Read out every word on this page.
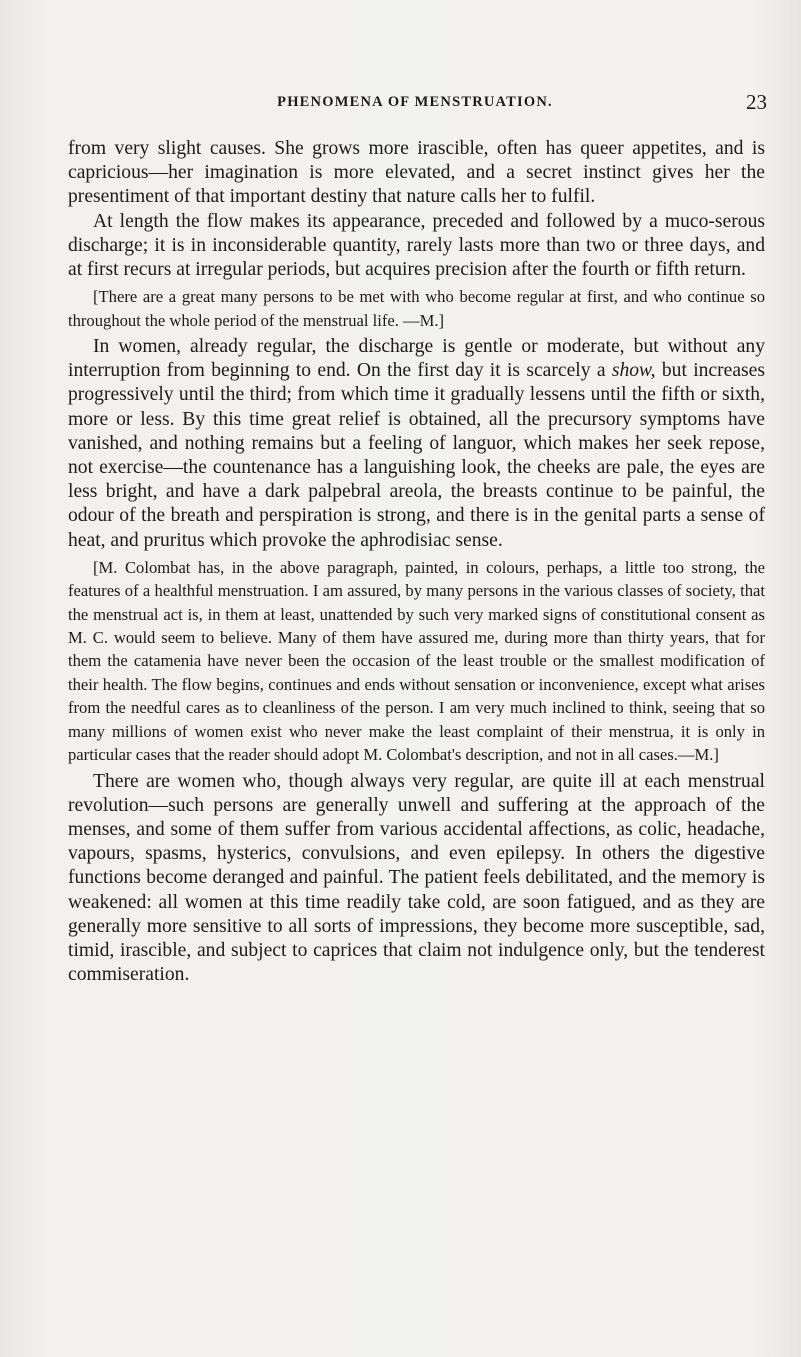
PHENOMENA OF MENSTRUATION.	23

from very slight causes. She grows more irascible, often has queer appetites, and is capricious—her imagination is more elevated, and a secret instinct gives her the presentiment of that important destiny that nature calls her to fulfil.

At length the flow makes its appearance, preceded and followed by a muco-serous discharge; it is in inconsiderable quantity, rarely lasts more than two or three days, and at first recurs at irregular periods, but acquires precision after the fourth or fifth return.

[There are a great many persons to be met with who become regular at first, and who continue so throughout the whole period of the menstrual life. —M.]

In women, already regular, the discharge is gentle or moderate, but without any interruption from beginning to end. On the first day it is scarcely a show, but increases progressively until the third; from which time it gradually lessens until the fifth or sixth, more or less. By this time great relief is obtained, all the precursory symptoms have vanished, and nothing remains but a feeling of languor, which makes her seek repose, not exercise—the countenance has a languishing look, the cheeks are pale, the eyes are less bright, and have a dark palpebral areola, the breasts continue to be painful, the odour of the breath and perspiration is strong, and there is in the genital parts a sense of heat, and pruritus which provoke the aphrodisiac sense.

[M. Colombat has, in the above paragraph, painted, in colours, perhaps, a little too strong, the features of a healthful menstruation. I am assured, by many persons in the various classes of society, that the menstrual act is, in them at least, unattended by such very marked signs of constitutional consent as M. C. would seem to believe. Many of them have assured me, during more than thirty years, that for them the catamenia have never been the occasion of the least trouble or the smallest modification of their health. The flow begins, continues and ends without sensation or inconvenience, except what arises from the needful cares as to cleanliness of the person. I am very much inclined to think, seeing that so many millions of women exist who never make the least complaint of their menstrua, it is only in particular cases that the reader should adopt M. Colombat's description, and not in all cases.—M.]

There are women who, though always very regular, are quite ill at each menstrual revolution—such persons are generally unwell and suffering at the approach of the menses, and some of them suffer from various accidental affections, as colic, headache, vapours, spasms, hysterics, convulsions, and even epilepsy. In others the digestive functions become deranged and painful. The patient feels debilitated, and the memory is weakened: all women at this time readily take cold, are soon fatigued, and as they are generally more sensitive to all sorts of impressions, they become more susceptible, sad, timid, irascible, and subject to caprices that claim not indulgence only, but the tenderest commiseration.
